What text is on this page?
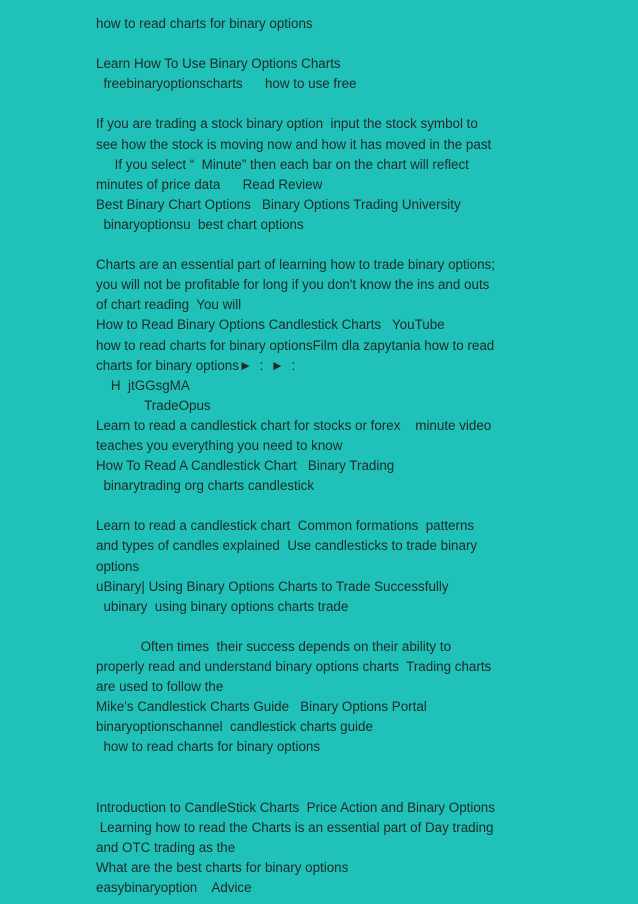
how to read charts for binary options
Learn How To Use Binary Options Charts
freebinaryoptionscharts      how to use free
If you are trading a stock binary option  input the stock symbol to
see how the stock is moving now and how it has moved in the past
If you select “  Minute” then each bar on the chart will reflect
minutes of price data      Read Review
Best Binary Chart Options   Binary Options Trading University
binaryoptionsu  best chart options
Charts are an essential part of learning how to trade binary options;
you will not be profitable for long if you don't know the ins and outs
of chart reading  You will
How to Read Binary Options Candlestick Charts   YouTube
how to read charts for binary optionsFilm dla zapytania how to read
charts for binary options►  :  ►  :
H  jtGGsgMA
TradeOpus
Learn to read a candlestick chart for stocks or forex    minute video
teaches you everything you need to know
How To Read A Candlestick Chart   Binary Trading
binarytrading org charts candlestick
Learn to read a candlestick chart  Common formations  patterns
and types of candles explained  Use candlesticks to trade binary
options
uBinary| Using Binary Options Charts to Trade Successfully
ubinary  using binary options charts trade
Often times  their success depends on their ability to
properly read and understand binary options charts  Trading charts
are used to follow the
Mike's Candlestick Charts Guide   Binary Options Portal
binaryoptionschannel  candlestick charts guide
how to read charts for binary options
Introduction to CandleStick Charts  Price Action and Binary Options
Learning how to read the Charts is an essential part of Day trading
and OTC trading as the
What are the best charts for binary options
easybinaryoption    Advice
